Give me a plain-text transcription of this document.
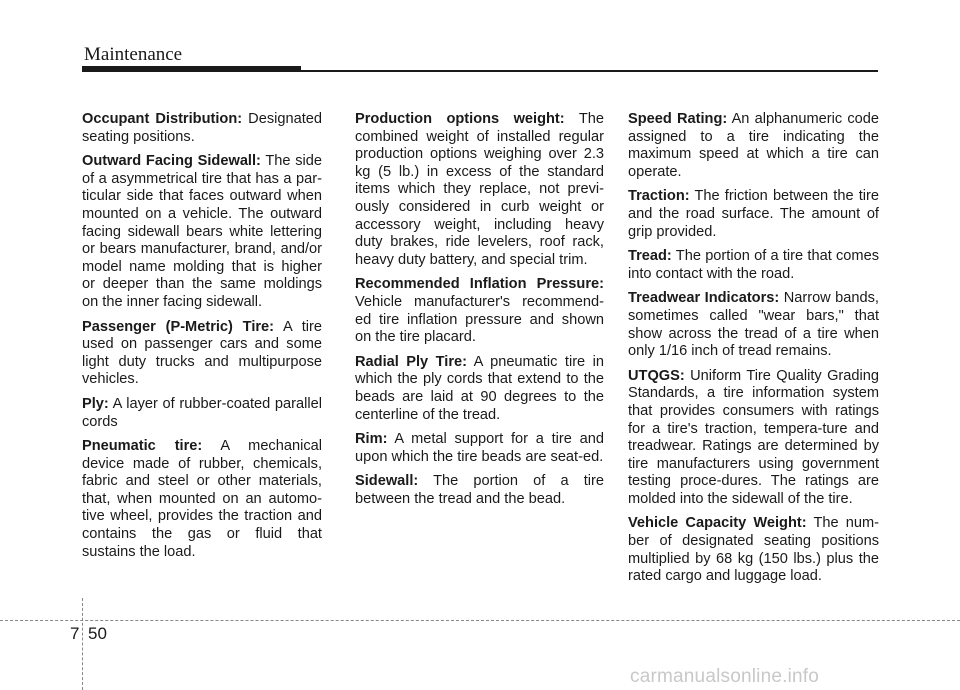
Maintenance

Occupant Distribution: Designated seating positions.

Outward Facing Sidewall: The side of a asymmetrical tire that has a par-ticular side that faces outward when mounted on a vehicle. The outward facing sidewall bears white lettering or bears manufacturer, brand, and/or model name molding that is higher or deeper than the same moldings on the inner facing sidewall.

Passenger (P-Metric) Tire: A tire used on passenger cars and some light duty trucks and multipurpose vehicles.

Ply: A layer of rubber-coated parallel cords

Pneumatic tire: A mechanical device made of rubber, chemicals, fabric and steel or other materials, that, when mounted on an automo-tive wheel, provides the traction and contains the gas or fluid that sustains the load.

Production options weight: The combined weight of installed regular production options weighing over 2.3 kg (5 lb.) in excess of the standard items which they replace, not previ-ously considered in curb weight or accessory weight, including heavy duty brakes, ride levelers, roof rack, heavy duty battery, and special trim.

Recommended Inflation Pressure: Vehicle manufacturer's recommend-ed tire inflation pressure and shown on the tire placard.

Radial Ply Tire: A pneumatic tire in which the ply cords that extend to the beads are laid at 90 degrees to the centerline of the tread.

Rim: A metal support for a tire and upon which the tire beads are seat-ed.

Sidewall: The portion of a tire between the tread and the bead.

Speed Rating: An alphanumeric code assigned to a tire indicating the maximum speed at which a tire can operate.

Traction: The friction between the tire and the road surface. The amount of grip provided.

Tread: The portion of a tire that comes into contact with the road.

Treadwear Indicators: Narrow bands, sometimes called "wear bars," that show across the tread of a tire when only 1/16 inch of tread remains.

UTQGS: Uniform Tire Quality Grading Standards, a tire information system that provides consumers with ratings for a tire's traction, tempera-ture and treadwear. Ratings are determined by tire manufacturers using government testing proce-dures. The ratings are molded into the sidewall of the tire.

Vehicle Capacity Weight: The num-ber of designated seating positions multiplied by 68 kg (150 lbs.) plus the rated cargo and luggage load.

7 50
carmanualsonline.info
